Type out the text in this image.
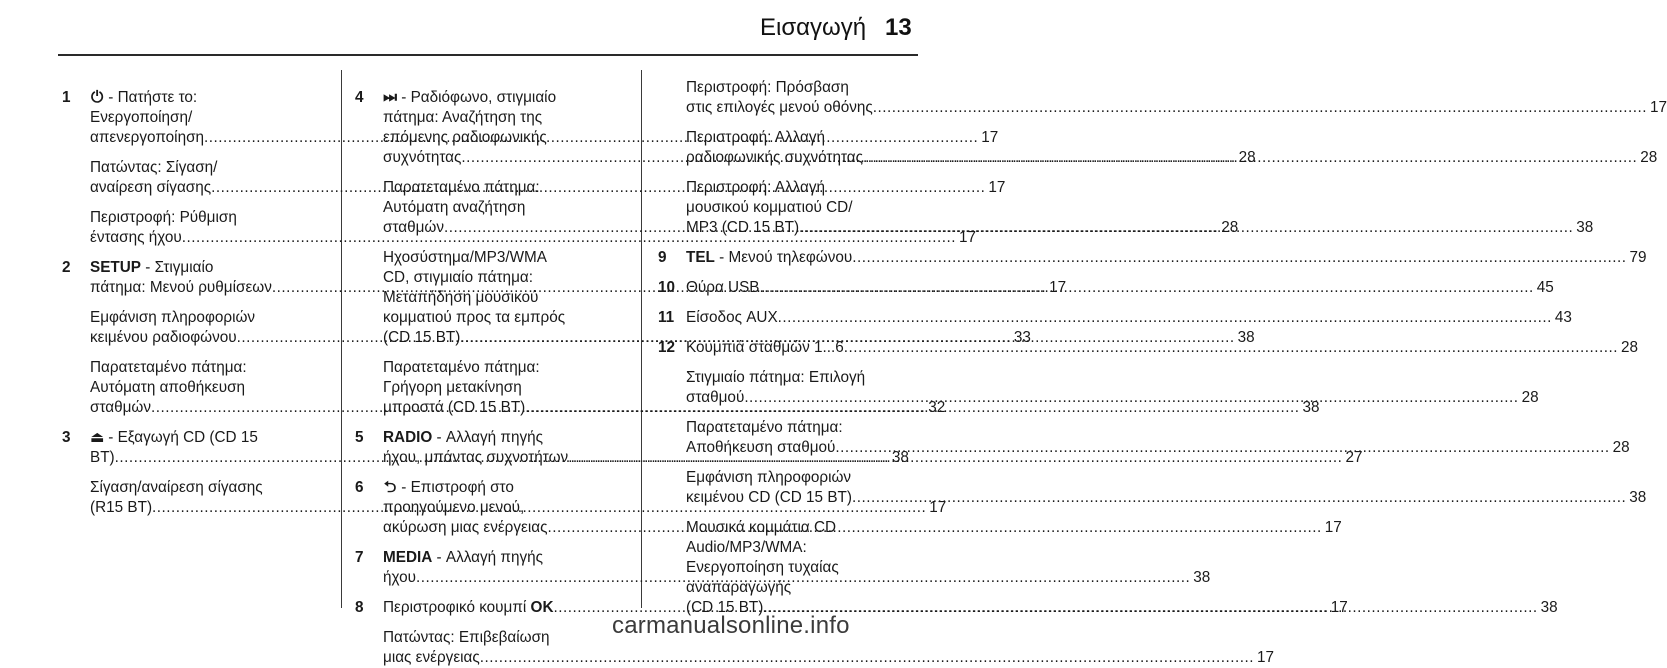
Εισαγωγή 13
1 ⏻ - Πατήστε το:
Ενεργοποίηση/
απενεργοποίηση .....	17
Πατώντας: Σίγαση/
αναίρεση σίγασης .....	17
Περιστροφή: Ρύθμιση
έντασης ήχου .....	17
2 SETUP - Στιγμιαίο
πάτημα: Μενού ρυθμίσεων .....	17
Εμφάνιση πληροφοριών
κειμένου ραδιοφώνου .....	33
Παρατεταμένο πάτημα:
Αυτόματη αποθήκευση
σταθμών .....	32
3 ⏏ - Εξαγωγή CD (CD 15
BT) .....	38
Σίγαση/αναίρεση σίγασης
(R15 BT) .....	17
4 ⏭ - Ραδιόφωνο, στιγμιαίο
πάτημα: Αναζήτηση της
επόμενης ραδιοφωνικής
συχνότητας .....	28
Παρατεταμένο πάτημα:
Αυτόματη αναζήτηση
σταθμών .....	28
Ηχοσύστημα/MP3/WMA
CD, στιγμιαίο πάτημα:
Μεταπήδηση μουσικού
κομματιού προς τα εμπρός
(CD 15 BT) .....	38
Παρατεταμένο πάτημα:
Γρήγορη μετακίνηση
μπροστά (CD 15 BT) .....	38
5 RADIO - Αλλαγή πηγής
ήχου, μπάντας συχνοτήτων .....	27
6 ⮌ - Επιστροφή στο
προηγούμενο μενού,
ακύρωση μιας ενέργειας .....	17
7 MEDIA - Αλλαγή πηγής
ήχου .....	38
8 Περιστροφικό κουμπί OK .....	17
Πατώντας: Επιβεβαίωση
μιας ενέργειας .....	17
Περιστροφή: Πρόσβαση
στις επιλογές μενού οθόνης .....	17
Περιστροφή: Αλλαγή
ραδιοφωνικής συχνότητας .....	28
Περιστροφή: Αλλαγή
μουσικού κομματιού CD/
MP3 (CD 15 BT) .....	38
9 TEL - Μενού τηλεφώνου .....	79
10 Θύρα USB .....	45
11 Είσοδος AUX .....	43
12 Κουμπιά σταθμών 1...6 .....	28
Στιγμιαίο πάτημα: Επιλογή
σταθμού .....	28
Παρατεταμένο πάτημα:
Αποθήκευση σταθμού .....	28
Εμφάνιση πληροφοριών
κειμένου CD (CD 15 BT) .....	38
Μουσικά κομμάτια CD
Audio/MP3/WMA:
Ενεργοποίηση τυχαίας
αναπαραγωγής
(CD 15 BT) .....	38
carmanualsonline.info
